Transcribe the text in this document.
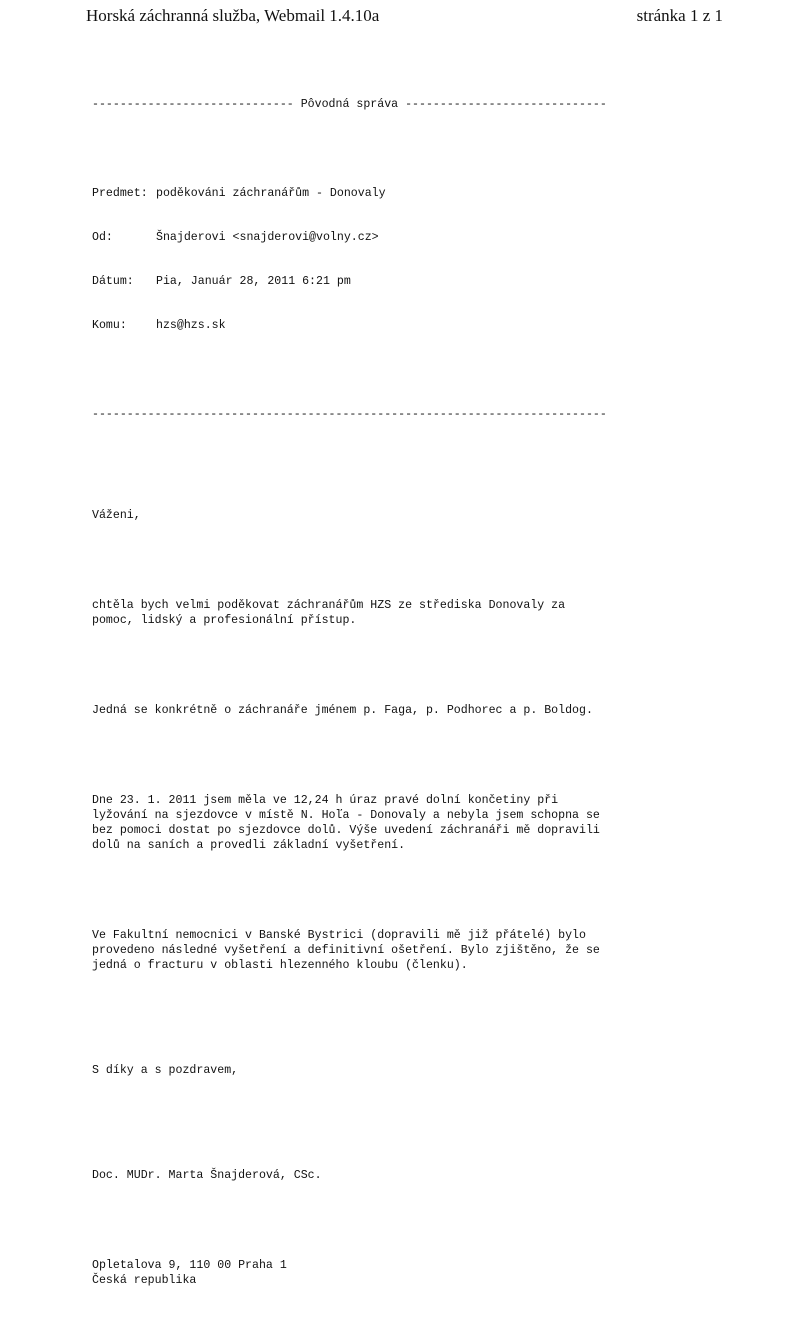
Horská záchranná služba, Webmail 1.4.10a	stránka 1 z 1

----------------------------- Pôvodná správa -----------------------------

Predmet: poděkováni záchranářům - Donovaly

Od:	Šnajderovi <snajderovi@volny.cz>

Dátum: Pia, Január 28, 2011 6:21 pm

Komu:	hzs@hzs.sk

--------------------------------------------------------------------------

Váženi,

chtěla bych velmi poděkovat záchranářům HZS ze střediska Donovaly za
pomoc, lidský a profesionální přístup.

Jedná se konkrétně o záchranáře jménem p. Faga, p. Podhorec a p. Boldog.

Dne 23. 1. 2011 jsem měla ve 12,24 h úraz pravé dolní končetiny při
lyžování na sjezdovce v místě N. Hoľa - Donovaly a nebyla jsem schopna se
bez pomoci dostat po sjezdovce dolů. Výše uvedení záchranáři mě dopravili
dolů na saních a provedli základní vyšetření.

Ve Fakultní nemocnici v Banské Bystrici (dopravili mě již přátelé) bylo
provedeno následné vyšetření a definitivní ošetření. Bylo zjištěno, že se
jedná o fracturu v oblasti hlezenného kloubu (členku).

S díky a s pozdravem,

Doc. MUDr. Marta Šnajderová, CSc.

Opletalova 9, 110 00 Praha 1
Česká republika
